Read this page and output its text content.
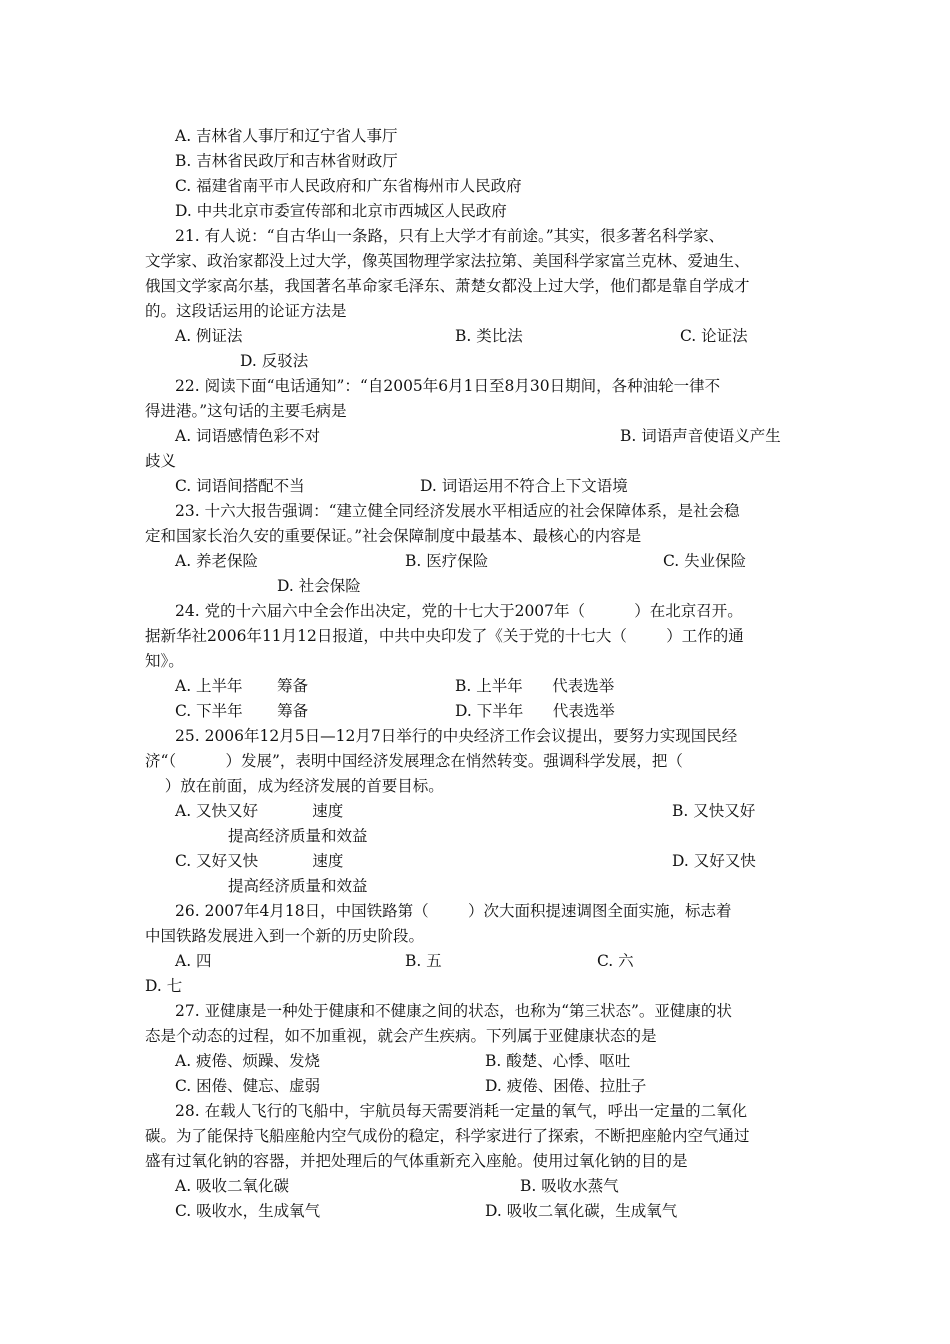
A. 吉林省人事厅和辽宁省人事厅
B. 吉林省民政厅和吉林省财政厅
C. 福建省南平市人民政府和广东省梅州市人民政府
D. 中共北京市委宣传部和北京市西城区人民政府
21. 有人说：“自古华山一条路，只有上大学才有前途。”其实，很多著名科学家、
文学家、政治家都没上过大学，像英国物理学家法拉第、美国科学家富兰克林、爱迪生、
俄国文学家高尔基，我国著名革命家毛泽东、萧楚女都没上过大学，他们都是靠自学成才
的。这段话运用的论证方法是
A. 例证法	B. 类比法	C. 论证法
D. 反驳法
22. 阅读下面“电话通知”：“自2005年6月1日至8月30日期间，各种油轮一律不
得进港。”这句话的主要毛病是
A. 词语感情色彩不对	B. 词语声音使语义产生
歧义
C. 词语间搭配不当	D. 词语运用不符合上下文语境
23. 十六大报告强调：“建立健全同经济发展水平相适应的社会保障体系，是社会稳
定和国家长治久安的重要保证。”社会保障制度中最基本、最核心的内容是
A. 养老保险	B. 医疗保险	C. 失业保险
D. 社会保险
24. 党的十六届六中全会作出决定，党的十七大于2007年（          ）在北京召开。
据新华社2006年11月12日报道，中共中央印发了《关于党的十七大（        ）工作的通
知》。
A. 上半年       筹备	B. 上半年      代表选举
C. 下半年       筹备	D. 下半年      代表选举
25. 2006年12月5日—12月7日举行的中央经济工作会议提出，要努力实现国民经
济“（          ）发展”，表明中国经济发展理念在悄然转变。强调科学发展，把（
）放在前面，成为经济发展的首要目标。
A. 又快又好           速度	B. 又快又好
提高经济质量和效益
C. 又好又快           速度	D. 又好又快
提高经济质量和效益
26. 2007年4月18日，中国铁路第（        ）次大面积提速调图全面实施，标志着
中国铁路发展进入到一个新的历史阶段。
A. 四	B. 五	C. 六
D. 七
27. 亚健康是一种处于健康和不健康之间的状态，也称为“第三状态”。亚健康的状
态是个动态的过程，如不加重视，就会产生疾病。下列属于亚健康状态的是
A. 疲倦、烦躁、发烧	B. 酸楚、心悸、呕吐
C. 困倦、健忘、虚弱	D. 疲倦、困倦、拉肚子
28. 在载人飞行的飞船中，宇航员每天需要消耗一定量的氧气，呼出一定量的二氧化
碳。为了能保持飞船座舱内空气成份的稳定，科学家进行了探索，不断把座舱内空气通过
盛有过氧化钠的容器，并把处理后的气体重新充入座舱。使用过氧化钠的目的是
A. 吸收二氧化碳	B. 吸收水蒸气
C. 吸收水，生成氧气	D. 吸收二氧化碳，生成氧气
